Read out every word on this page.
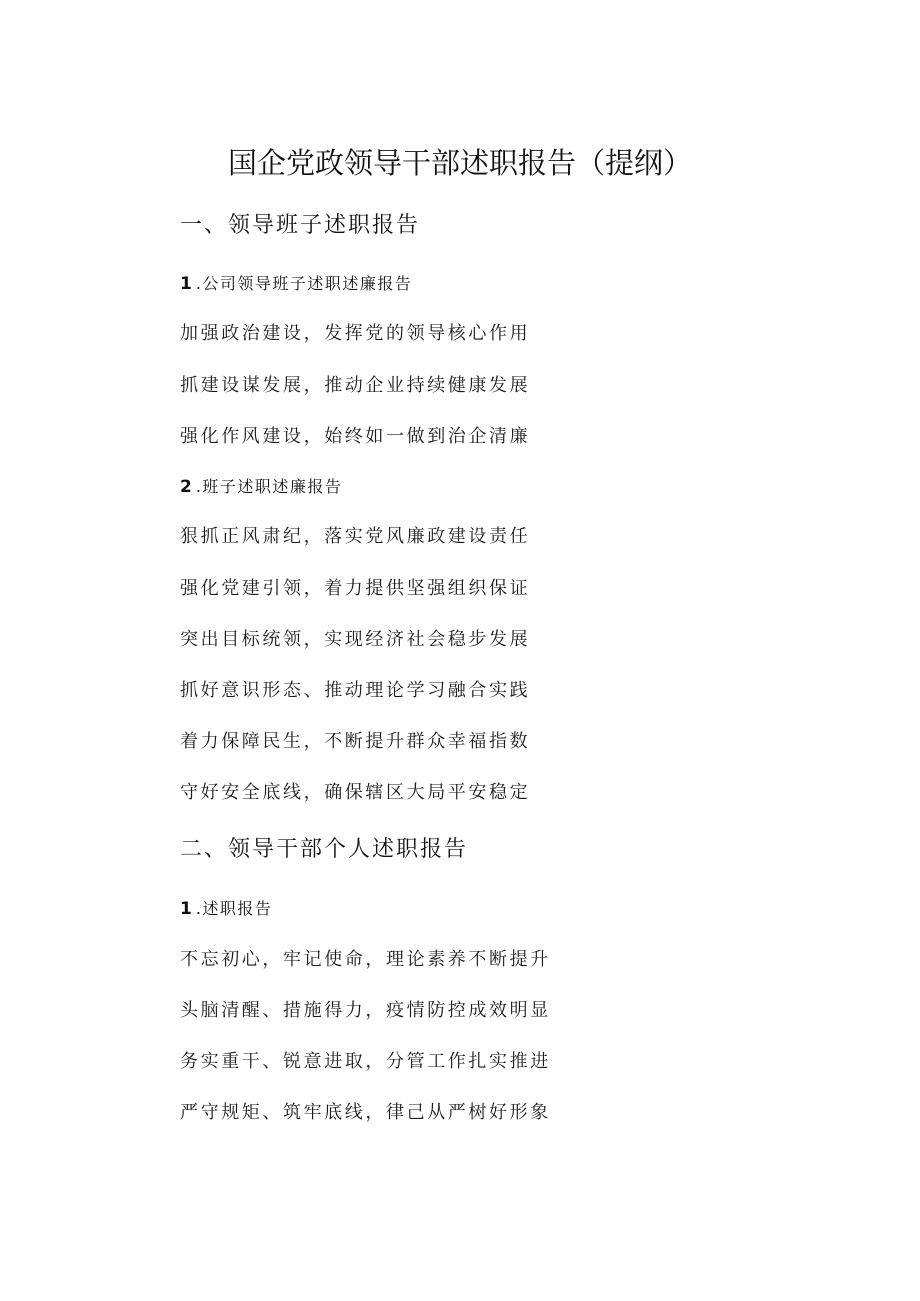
国企党政领导干部述职报告（提纲）
一、领导班子述职报告
1 .公司领导班子述职述廉报告
加强政治建设，发挥党的领导核心作用
抓建设谋发展，推动企业持续健康发展
强化作风建设，始终如一做到治企清廉
2 .班子述职述廉报告
狠抓正风肃纪，落实党风廉政建设责任
强化党建引领，着力提供坚强组织保证
突出目标统领，实现经济社会稳步发展
抓好意识形态、推动理论学习融合实践
着力保障民生，不断提升群众幸福指数
守好安全底线，确保辖区大局平安稳定
二、领导干部个人述职报告
1 .述职报告
不忘初心，牢记使命，理论素养不断提升
头脑清醒、措施得力，疫情防控成效明显
务实重干、锐意进取，分管工作扎实推进
严守规矩、筑牢底线，律己从严树好形象
